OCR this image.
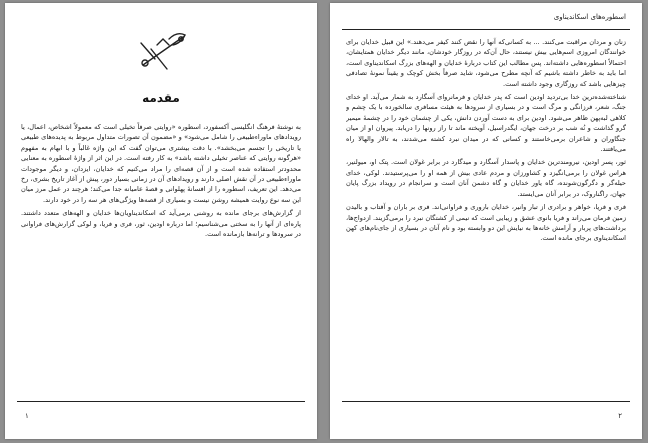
مقدمه

به نوشتهٔ فرهنگ انگلیسی آکسفورد، اسطوره «روایتی صرفاً تخیلی است که معمولاً اشخاص، اعمال، یا رویدادهای ماوراءطبیعی را شامل می‌شود» و «مضمون آن تصورات متداول مربوط به پدیده‌های طبیعی یا تاریخی را تجسم می‌بخشد». با دقت بیشتری می‌توان گفت که این واژه غالباً و با ابهام به مفهوم «هرگونه روایتی که عناصر تخیلی داشته باشد» به کار رفته است. در این اثر از واژهٔ اسطوره به معنایی محدودتر استفاده شده است و از آن قصه‌ای را مراد می‌کنیم که خدایان، ایزدان، و دیگر موجودات ماوراءطبیعی در آن نقش اصلی دارند و رویدادهای آن در زمانی بسیار دور، پیش از آغاز تاریخ بشری، رخ می‌دهد. این تعریف، اسطوره را از افسانهٔ پهلوانی و قصهٔ عامیانه جدا می‌کند؛ هرچند در عمل مرز میان این سه نوع روایت همیشه روشن نیست و بسیاری از قصه‌ها ویژگی‌های هر سه را در خود دارند.

از گزارش‌های برجای مانده به روشنی برمی‌آید که اسکاندیناویان‌ها خدایان و الهه‌های متعدد داشتند. پاره‌ای از آنها را به سختی می‌شناسیم؛ اما درباره اودین، ثور، فری و فریا، و لوکی گزارش‌های فراوانی در سرودها و ترانه‌ها بازمانده است.

۱
اسطوره‌های اسکاندیناوی

زنان و مردان مراقبت می‌کنند. ... به کسانی‌که آنها را نقض کنند کیفر می‌دهند.» این قبیل خدایان برای خوانندگان امروزی اسم‌هایی بیش نیستند، حال آن‌که در روزگار خودشان، مانند دیگر خدایان همتایشان، احتمالاً اسطوره‌هایی داشته‌اند. پس مطالب این کتاب دربارهٔ خدایان و الهه‌های بزرگ اسکاندیناوی است، اما باید به خاطر داشته باشیم که آنچه مطرح می‌شود، شاید صرفاً بخش کوچک و یقیناً نمونهٔ تصادفی چیزهایی باشد که روزگاری وجود داشته است.

شناخته‌شده‌ترین خدا بی‌تردید اودین است که پدر خدایان و فرمانروای آسگارد به شمار می‌آید. او خدای جنگ، شعر، فرزانگی و مرگ است و در بسیاری از سرودها به هیئت مسافری سالخورده با یک چشم و کلاهی لبه‌پهن ظاهر می‌شود. اودین برای به دست آوردن دانش، یکی از چشمان خود را در چشمهٔ میمیر گرو گذاشت و نُه شب بر درخت جهان، ایگدراسیل، آویخته ماند تا راز رونها را دریابد. پیروان او از میان جنگاوران و شاعران برمی‌خاستند و کسانی که در میدان نبرد کشته می‌شدند، به تالار والهالا راه می‌یافتند.

ثور، پسر اودین، نیرومندترین خدایان و پاسدار آسگارد و میدگارد در برابر غولان است. پتک او، میولنیر، هراس غولان را برمی‌انگیزد و کشاورزان و مردم عادی بیش از همه او را می‌پرستیدند. لوکی، خدای حیله‌گر و دگرگون‌شونده، گاه یاور خدایان و گاه دشمن آنان است و سرانجام در رویداد بزرگ پایان جهان، راگناروک، در برابر آنان می‌ایستد.

فری و فریا، خواهر و برادری از تبار وانیر، خدایان باروری و فراوانی‌اند. فری بر باران و آفتاب و بالیدن زمین فرمان می‌راند و فریا بانوی عشق و زیبایی است که نیمی از کشتگان نبرد را برمی‌گزیند. ازدواج‌ها، برداشت‌های پربار و آرامش خانه‌ها به نیایش این دو وابسته بود و نام آنان در بسیاری از جای‌نام‌های کهن اسکاندیناوی برجای مانده است.

۲
